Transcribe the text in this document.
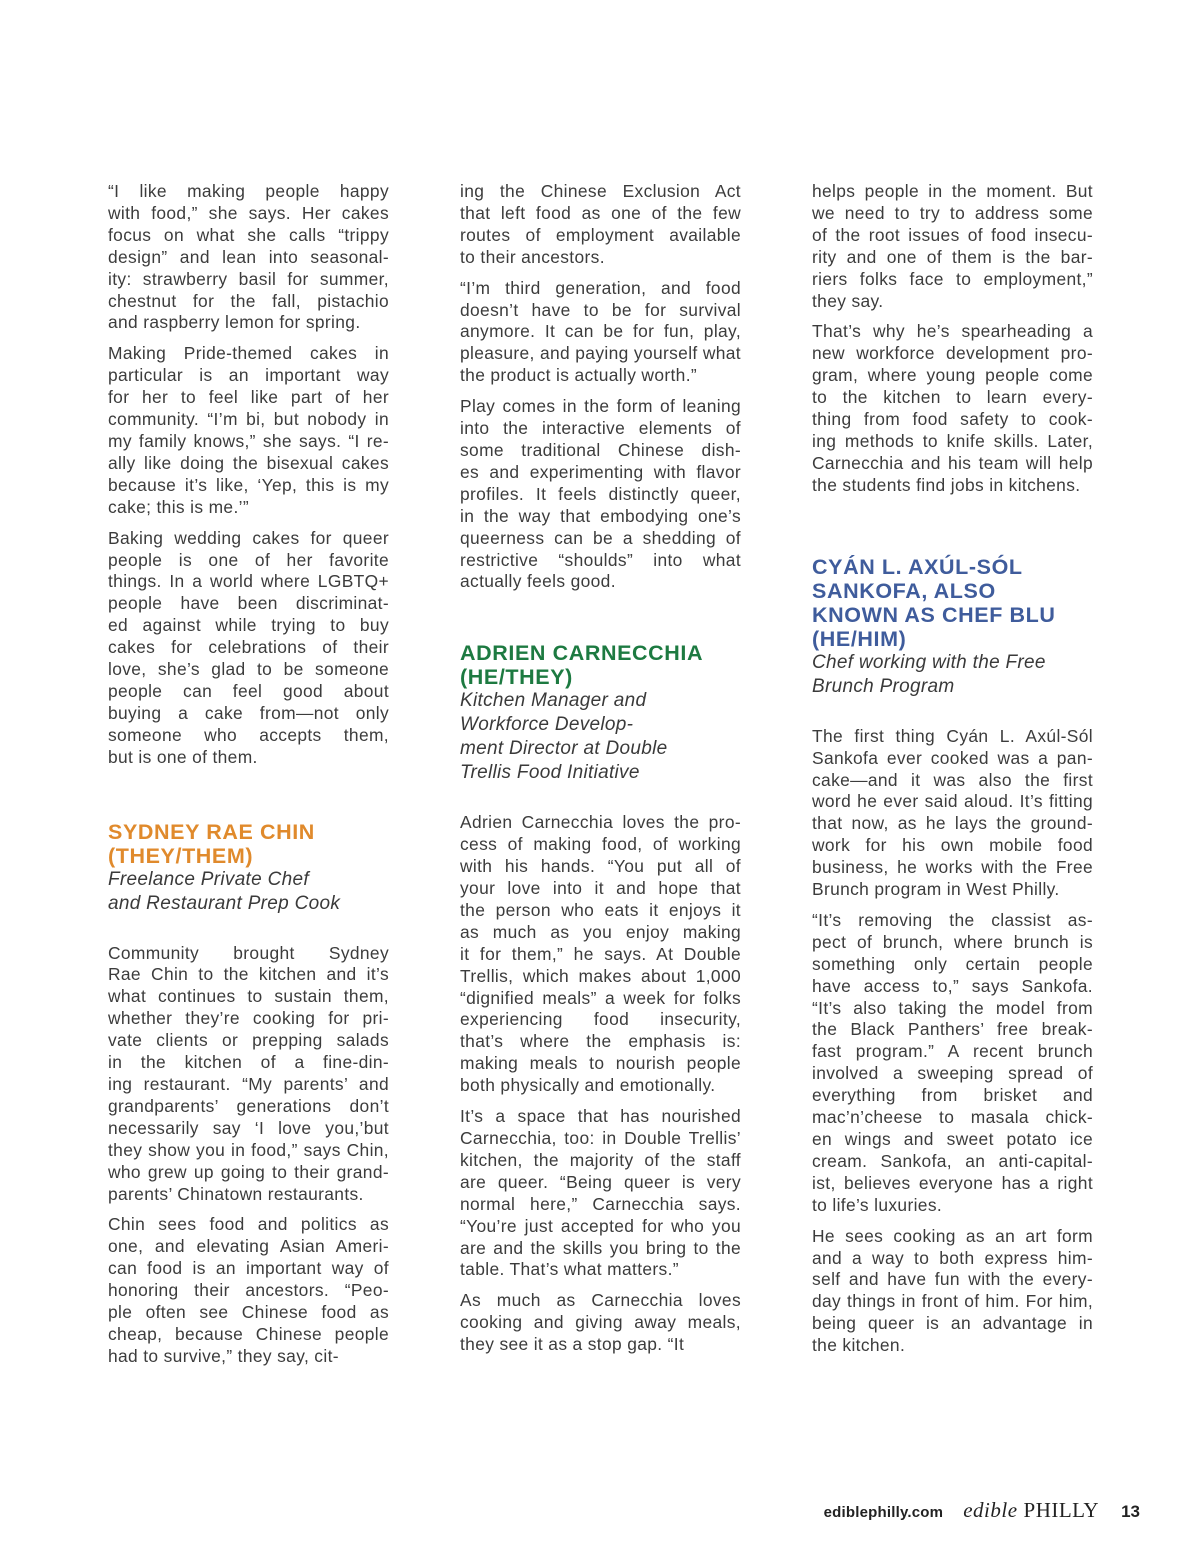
“I like making people happy
with food,” she says. Her cakes
focus on what she calls “trippy
design” and lean into seasonal-
ity: strawberry basil for summer,
chestnut for the fall, pistachio
and raspberry lemon for spring.

Making Pride-themed cakes in
particular is an important way
for her to feel like part of her
community. “I’m bi, but nobody in
my family knows,” she says. “I re-
ally like doing the bisexual cakes
because it’s like, ‘Yep, this is my
cake; this is me.’”

Baking wedding cakes for queer
people is one of her favorite
things. In a world where LGBTQ+
people have been discriminat-
ed against while trying to buy
cakes for celebrations of their
love, she’s glad to be someone
people can feel good about
buying a cake from—not only
someone who accepts them,
but is one of them.

SYDNEY RAE CHIN
(THEY/THEM)

Freelance Private Chef
and Restaurant Prep Cook

Community brought Sydney
Rae Chin to the kitchen and it’s
what continues to sustain them,
whether they’re cooking for pri-
vate clients or prepping salads
in the kitchen of a fine-din-
ing restaurant. “My parents’ and
grandparents’ generations don’t
necessarily say ‘I love you,’but
they show you in food,” says Chin,
who grew up going to their grand-
parents’ Chinatown restaurants.

Chin sees food and politics as
one, and elevating Asian Ameri-
can food is an important way of
honoring their ancestors. “Peo-
ple often see Chinese food as
cheap, because Chinese people
had to survive,” they say, cit-

ing the Chinese Exclusion Act
that left food as one of the few
routes of employment available
to their ancestors.

“I’m third generation, and food
doesn’t have to be for survival
anymore. It can be for fun, play,
pleasure, and paying yourself what
the product is actually worth.”

Play comes in the form of leaning
into the interactive elements of
some traditional Chinese dish-
es and experimenting with flavor
profiles. It feels distinctly queer,
in the way that embodying one’s
queerness can be a shedding of
restrictive “shoulds” into what
actually feels good.

ADRIEN CARNECCHIA
(HE/THEY)

Kitchen Manager and
Workforce Develop-
ment Director at Double
Trellis Food Initiative

Adrien Carnecchia loves the pro-
cess of making food, of working
with his hands. “You put all of
your love into it and hope that
the person who eats it enjoys it
as much as you enjoy making
it for them,” he says. At Double
Trellis, which makes about 1,000
“dignified meals” a week for folks
experiencing food insecurity,
that’s where the emphasis is:
making meals to nourish people
both physically and emotionally.

It’s a space that has nourished
Carnecchia, too: in Double Trellis’
kitchen, the majority of the staff
are queer. “Being queer is very
normal here,” Carnecchia says.
“You’re just accepted for who you
are and the skills you bring to the
table. That’s what matters.”

As much as Carnecchia loves
cooking and giving away meals,
they see it as a stop gap. “It

helps people in the moment. But
we need to try to address some
of the root issues of food insecu-
rity and one of them is the bar-
riers folks face to employment,”
they say.

That’s why he’s spearheading a
new workforce development pro-
gram, where young people come
to the kitchen to learn every-
thing from food safety to cook-
ing methods to knife skills. Later,
Carnecchia and his team will help
the students find jobs in kitchens.

CYÁN L. AXÚL-SÓL
SANKOFA, ALSO
KNOWN AS CHEF BLU
(HE/HIM)

Chef working with the Free
Brunch Program

The first thing Cyán L. Axúl-Sól
Sankofa ever cooked was a pan-
cake—and it was also the first
word he ever said aloud. It’s fitting
that now, as he lays the ground-
work for his own mobile food
business, he works with the Free
Brunch program in West Philly.

“It’s removing the classist as-
pect of brunch, where brunch is
something only certain people
have access to,” says Sankofa.
“It’s also taking the model from
the Black Panthers’ free break-
fast program.” A recent brunch
involved a sweeping spread of
everything from brisket and
mac’n’cheese to masala chick-
en wings and sweet potato ice
cream. Sankofa, an anti-capital-
ist, believes everyone has a right
to life’s luxuries.

He sees cooking as an art form
and a way to both express him-
self and have fun with the every-
day things in front of him. For him,
being queer is an advantage in
the kitchen.

ediblephilly.com edible PHILLY 13
